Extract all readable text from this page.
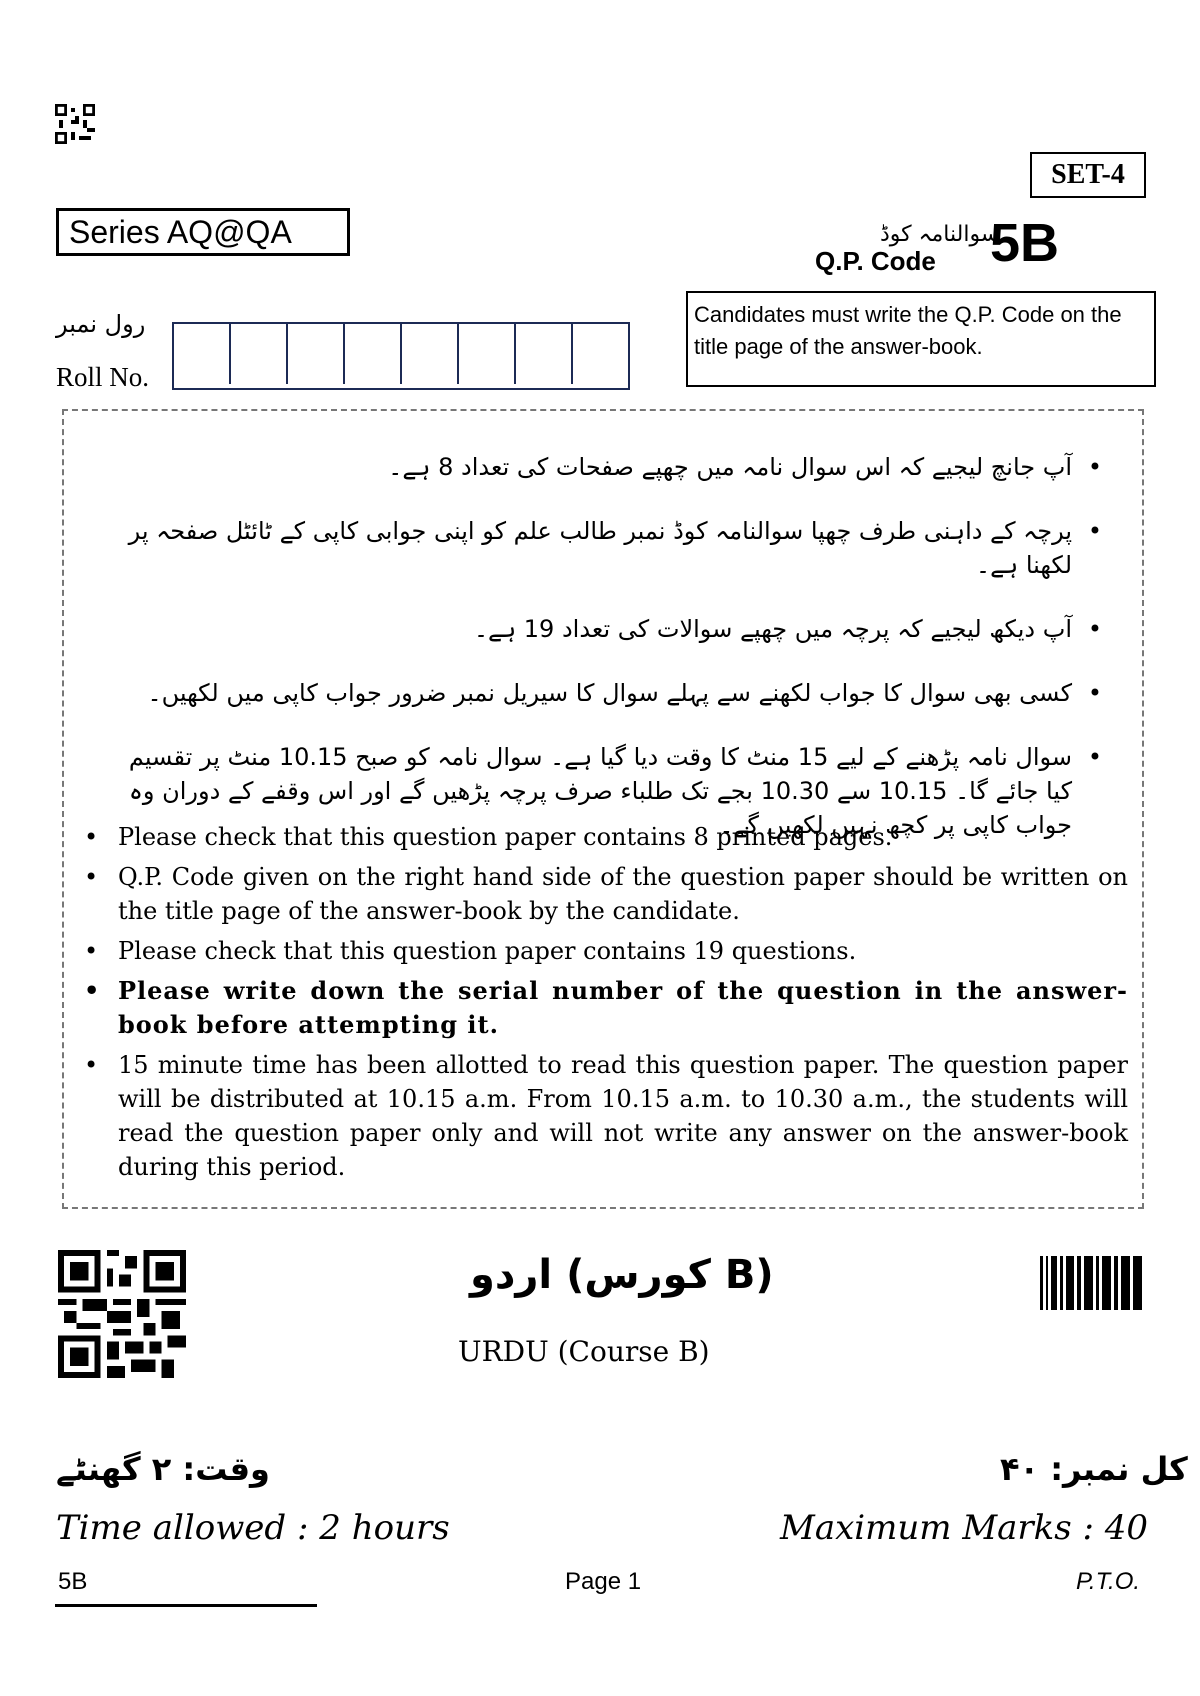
SET-4
Series AQ@QA	سوالنامہ کوڈ
Q.P. Code 5B
Candidates must write the Q.P. Code on the title page of the answer-book.
رول نمبر
Roll No.
• آپ جانچ لیجیے کہ اس سوال نامہ میں چھپے صفحات کی تعداد 8 ہے۔
• پرچہ کے داہنی طرف چھپا سوالنامہ کوڈ نمبر طالب علم کو اپنی جوابی کاپی کے ٹائٹل صفحہ پر لکھنا ہے۔
• آپ دیکھ لیجیے کہ پرچہ میں چھپے سوالات کی تعداد 19 ہے۔
• کسی بھی سوال کا جواب لکھنے سے پہلے سوال کا سیریل نمبر ضرور جواب کاپی میں لکھیں۔
• سوال نامہ پڑھنے کے لیے 15 منٹ کا وقت دیا گیا ہے۔ سوال نامہ کو صبح 10.15 منٹ پر تقسیم کیا جائے گا۔ 10.15 سے 10.30 بجے تک طلباء صرف پرچہ پڑھیں گے اور اس وقفے کے دوران وہ جواب کاپی پر کچھ نہیں لکھیں گے۔
• Please check that this question paper contains 8 printed pages.
• Q.P. Code given on the right hand side of the question paper should be written on the title page of the answer-book by the candidate.
• Please check that this question paper contains 19 questions.
• Please write down the serial number of the question in the answer-book before attempting it.
• 15 minute time has been allotted to read this question paper. The question paper will be distributed at 10.15 a.m. From 10.15 a.m. to 10.30 a.m., the students will read the question paper only and will not write any answer on the answer-book during this period.
اردو (کورس B)
URDU (Course B)
وقت: ۲ گھنٹے	کل نمبر: ۴۰
Time allowed : 2 hours	Maximum Marks : 40
5B	Page 1	P.T.O.
